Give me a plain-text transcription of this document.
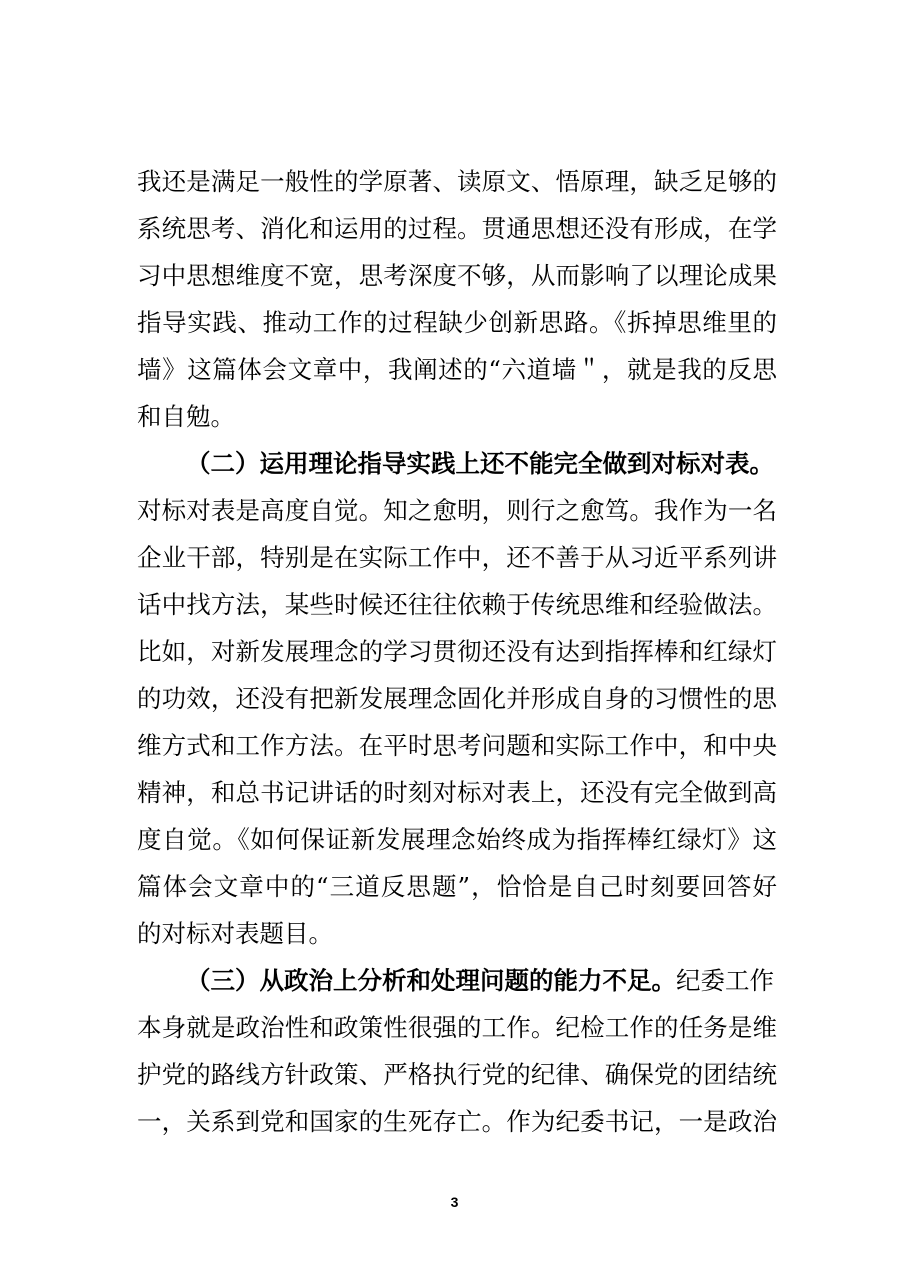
我还是满足一般性的学原著、读原文、悟原理，缺乏足够的
系统思考、消化和运用的过程。贯通思想还没有形成，在学
习中思想维度不宽，思考深度不够，从而影响了以理论成果
指导实践、推动工作的过程缺少创新思路。《拆掉思维里的
墙》这篇体会文章中，我阐述的“六道墙＂，就是我的反思
和自勉。
（二）运用理论指导实践上还不能完全做到对标对表。
对标对表是高度自觉。知之愈明，则行之愈笃。我作为一名
企业干部，特别是在实际工作中，还不善于从习近平系列讲
话中找方法，某些时候还往往依赖于传统思维和经验做法。
比如，对新发展理念的学习贯彻还没有达到指挥棒和红绿灯
的功效，还没有把新发展理念固化并形成自身的习惯性的思
维方式和工作方法。在平时思考问题和实际工作中，和中央
精神，和总书记讲话的时刻对标对表上，还没有完全做到高
度自觉。《如何保证新发展理念始终成为指挥棒红绿灯》这
篇体会文章中的“三道反思题”，恰恰是自己时刻要回答好
的对标对表题目。
（三）从政治上分析和处理问题的能力不足。纪委工作
本身就是政治性和政策性很强的工作。纪检工作的任务是维
护党的路线方针政策、严格执行党的纪律、确保党的团结统
一，关系到党和国家的生死存亡。作为纪委书记，一是政治
3
